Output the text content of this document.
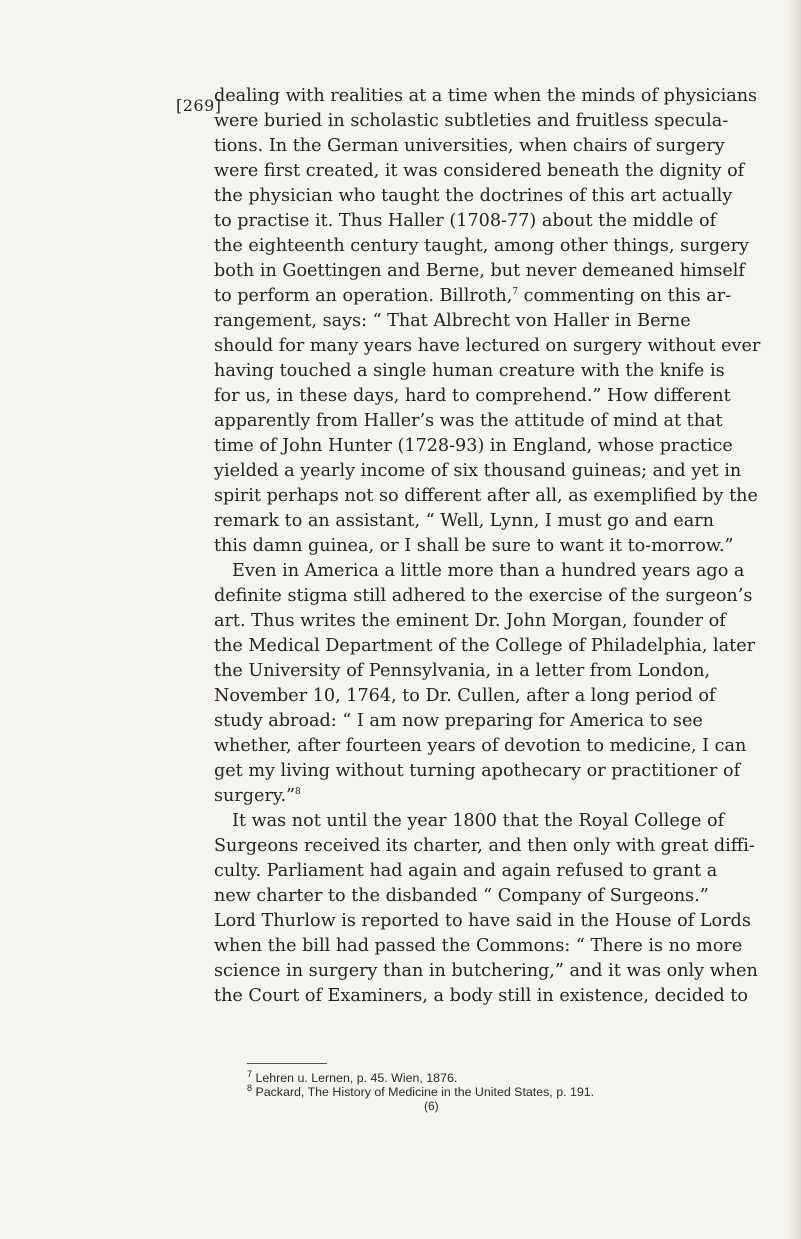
[269]
dealing with realities at a time when the minds of physicians
were buried in scholastic subtleties and fruitless specula-
tions. In the German universities, when chairs of surgery
were first created, it was considered beneath the dignity of
the physician who taught the doctrines of this art actually
to practise it. Thus Haller (1708-77) about the middle of
the eighteenth century taught, among other things, surgery
both in Goettingen and Berne, but never demeaned himself
to perform an operation. Billroth,$^7$ commenting on this ar-
rangement, says: “ That Albrecht von Haller in Berne
should for many years have lectured on surgery without ever
having touched a single human creature with the knife is
for us, in these days, hard to comprehend.” How different
apparently from Haller’s was the attitude of mind at that
time of John Hunter (1728-93) in England, whose practice
yielded a yearly income of six thousand guineas; and yet in
spirit perhaps not so different after all, as exemplified by the
remark to an assistant, “ Well, Lynn, I must go and earn
this damn guinea, or I shall be sure to want it to-morrow.”
Even in America a little more than a hundred years ago a
definite stigma still adhered to the exercise of the surgeon’s
art. Thus writes the eminent Dr. John Morgan, founder of
the Medical Department of the College of Philadelphia, later
the University of Pennsylvania, in a letter from London,
November 10, 1764, to Dr. Cullen, after a long period of
study abroad: “ I am now preparing for America to see
whether, after fourteen years of devotion to medicine, I can
get my living without turning apothecary or practitioner of
surgery.”$^8$
It was not until the year 1800 that the Royal College of
Surgeons received its charter, and then only with great diffi-
culty. Parliament had again and again refused to grant a
new charter to the disbanded “ Company of Surgeons.”
Lord Thurlow is reported to have said in the House of Lords
when the bill had passed the Commons: “ There is no more
science in surgery than in butchering,” and it was only when
the Court of Examiners, a body still in existence, decided to
$^7$ Lehren u. Lernen, p. 45. Wien, 1876.
$^8$ Packard, The History of Medicine in the United States, p. 191.
(6)
